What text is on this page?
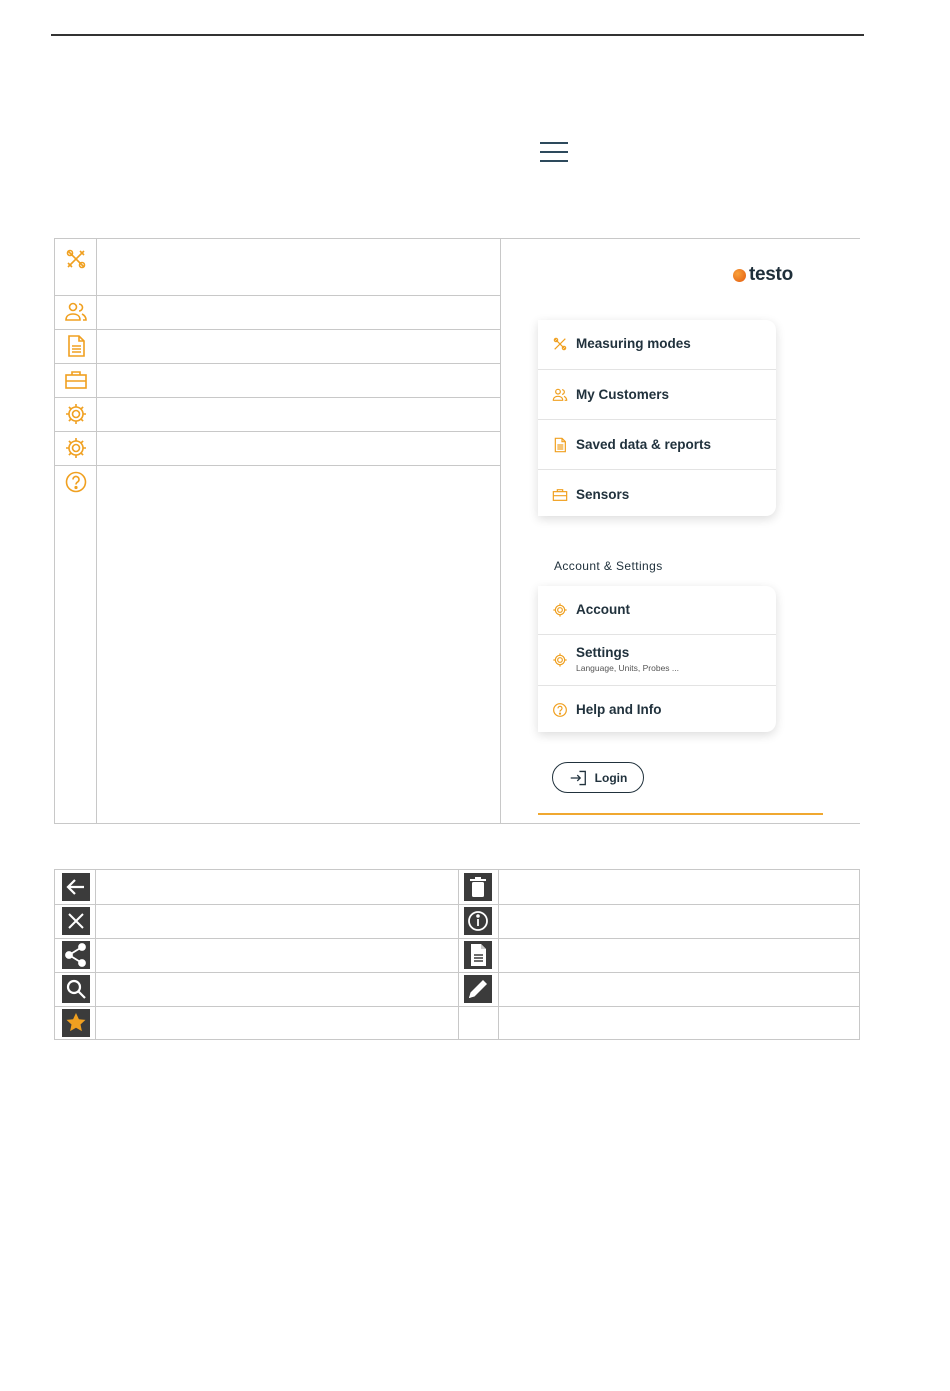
testo
Measuring modes
My Customers
Saved data & reports
Sensors
Account & Settings
Account
Settings
Language, Units, Probes ...
Help and Info
Login
